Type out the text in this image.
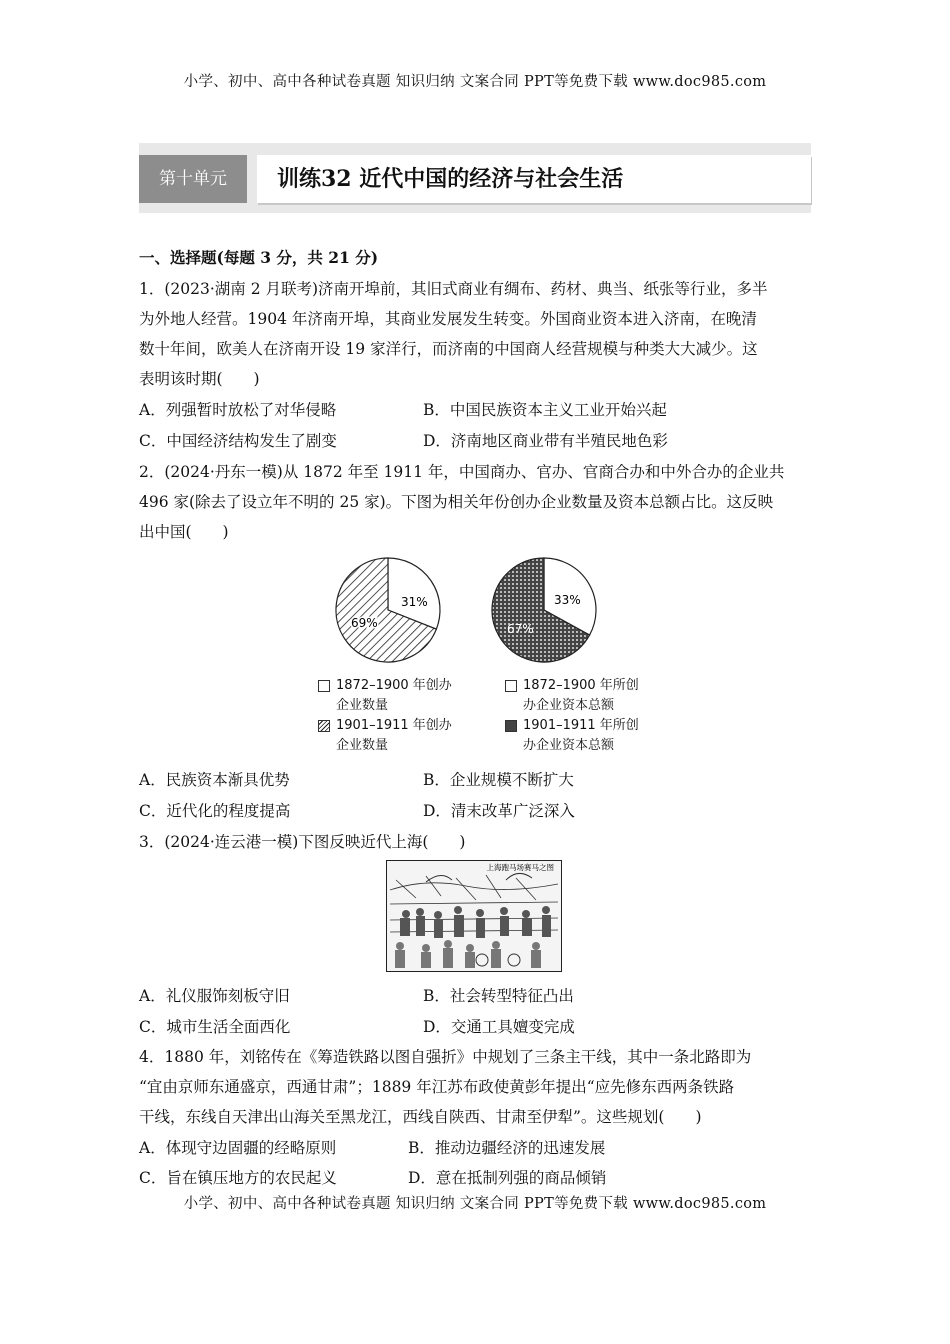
小学、初中、高中各种试卷真题 知识归纳 文案合同 PPT等免费下载 www.doc985.com
第十单元	训练32 近代中国的经济与社会生活
一、选择题(每题 3 分，共 21 分)
1．(2023·湖南 2 月联考)济南开埠前，其旧式商业有绸布、药材、典当、纸张等行业，多半
为外地人经营。1904 年济南开埠，其商业发展发生转变。外国商业资本进入济南，在晚清
数十年间，欧美人在济南开设 19 家洋行，而济南的中国商人经营规模与种类大大减少。这
表明该时期(　　)
A．列强暂时放松了对华侵略	B．中国民族资本主义工业开始兴起
C．中国经济结构发生了剧变	D．济南地区商业带有半殖民地色彩
2．(2024·丹东一模)从 1872 年至 1911 年，中国商办、官办、官商合办和中外合办的企业共
496 家(除去了设立年不明的 25 家)。下图为相关年份创办企业数量及资本总额占比。这反映
出中国(　　)
31%
69%
33%
67%
1872–1900 年创办
企业数量
1901–1911 年创办
企业数量
1872–1900 年所创
办企业资本总额
1901–1911 年所创
办企业资本总额
A．民族资本渐具优势	B．企业规模不断扩大
C．近代化的程度提高	D．清末改革广泛深入
3．(2024·连云港一模)下图反映近代上海(　　)
上海跑马场赛马之图
A．礼仪服饰刻板守旧	B．社会转型特征凸出
C．城市生活全面西化	D．交通工具嬗变完成
4．1880 年，刘铭传在《筹造铁路以图自强折》中规划了三条主干线，其中一条北路即为
“宜由京师东通盛京，西通甘肃”；1889 年江苏布政使黄彭年提出“应先修东西两条铁路
干线，东线自天津出山海关至黑龙江，西线自陕西、甘肃至伊犁”。这些规划(　　)
A．体现守边固疆的经略原则	B．推动边疆经济的迅速发展
C．旨在镇压地方的农民起义	D．意在抵制列强的商品倾销
小学、初中、高中各种试卷真题 知识归纳 文案合同 PPT等免费下载 www.doc985.com
